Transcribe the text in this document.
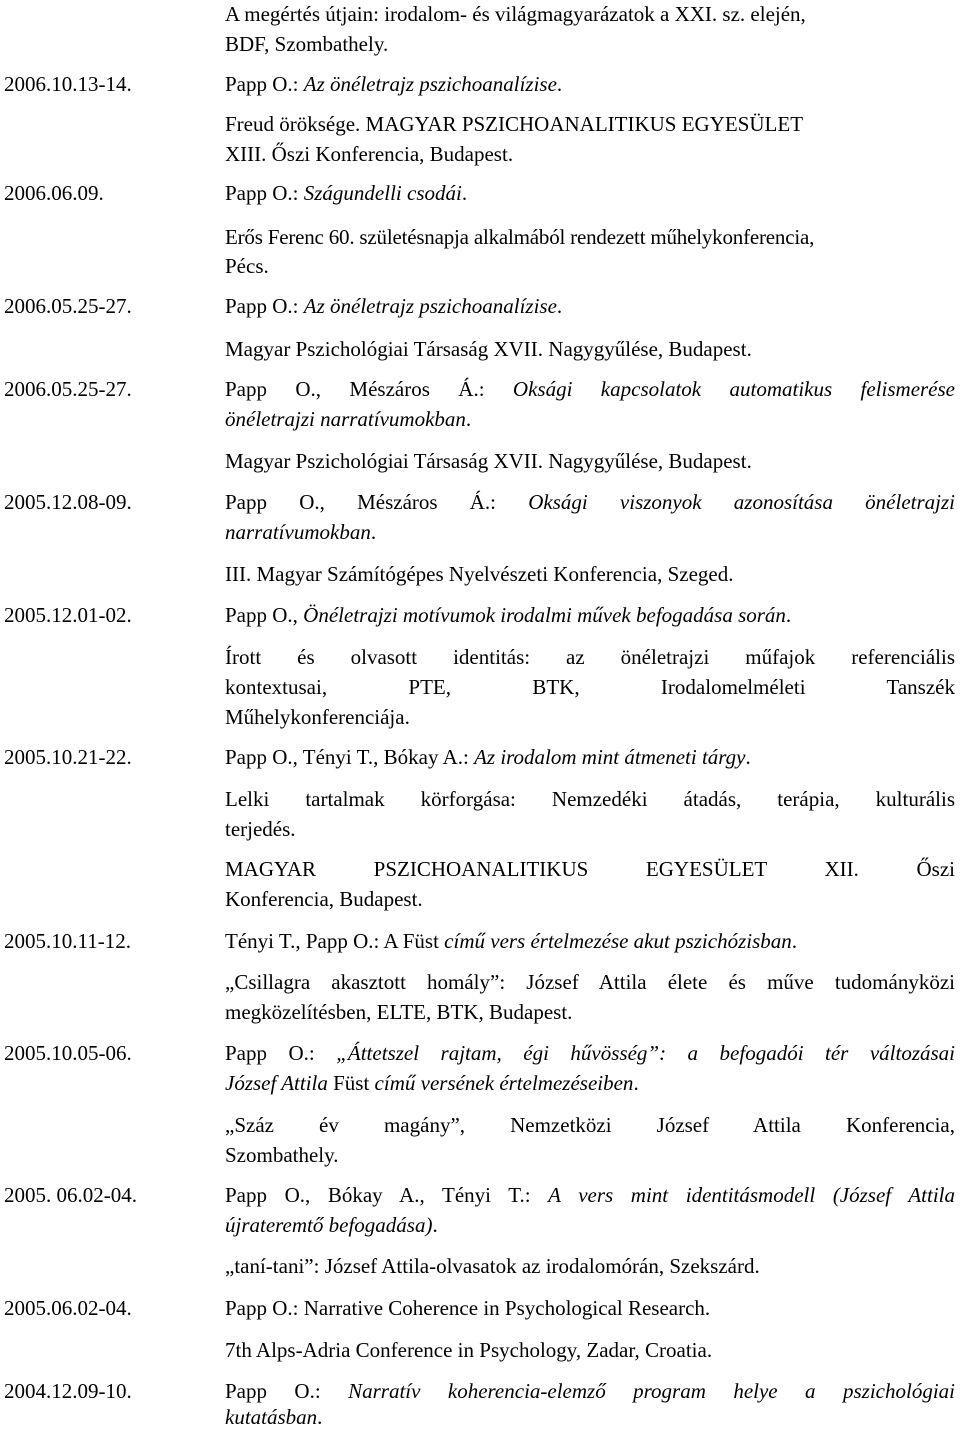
A megértés útjain: irodalom- és világmagyarázatok a XXI. sz. elején,
BDF, Szombathely.
2006.10.13-14.	Papp O.: Az önéletrajz pszichoanalízise.
Freud öröksége. MAGYAR PSZICHOANALITIKUS EGYESÜLET
XIII. Őszi Konferencia, Budapest.
2006.06.09.	Papp O.: Szágundelli csodái.
Erős Ferenc 60. születésnapja alkalmából rendezett műhelykonferencia,
Pécs.
2006.05.25-27.	Papp O.: Az önéletrajz pszichoanalízise.
Magyar Pszichológiai Társaság XVII. Nagygyűlése, Budapest.
2006.05.25-27.	Papp O., Mészáros Á.: Oksági kapcsolatok automatikus felismerése
önéletrajzi narratívumokban.
Magyar Pszichológiai Társaság XVII. Nagygyűlése, Budapest.
2005.12.08-09.	Papp O., Mészáros Á.: Oksági viszonyok azonosítása önéletrajzi
narratívumokban.
III. Magyar Számítógépes Nyelvészeti Konferencia, Szeged.
2005.12.01-02.	Papp O., Önéletrajzi motívumok irodalmi művek befogadása során.
Írott és olvasott identitás: az önéletrajzi műfajok referenciális
kontextusai, PTE, BTK, Irodalomelméleti Tanszék
Műhelykonferenciája.
2005.10.21-22.	Papp O., Tényi T., Bókay A.: Az irodalom mint átmeneti tárgy.
Lelki tartalmak körforgása: Nemzedéki átadás, terápia, kulturális
terjedés.
MAGYAR PSZICHOANALITIKUS EGYESÜLET XII. Őszi
Konferencia, Budapest.
2005.10.11-12.	Tényi T., Papp O.: A Füst című vers értelmezése akut pszichózisban.
„Csillagra akasztott homály”: József Attila élete és műve tudományközi
megközelítésben, ELTE, BTK, Budapest.
2005.10.05-06.	Papp O.: „Áttetszel rajtam, égi hűvösség”: a befogadói tér változásai
József Attila Füst című versének értelmezéseiben.
„Száz év magány”, Nemzetközi József Attila Konferencia,
Szombathely.
2005. 06.02-04.	Papp O., Bókay A., Tényi T.: A vers mint identitásmodell (József Attila
újrateremtő befogadása).
„taní-tani”: József Attila-olvasatok az irodalomórán, Szekszárd.
2005.06.02-04.	Papp O.: Narrative Coherence in Psychological Research.
7th Alps-Adria Conference in Psychology, Zadar, Croatia.
2004.12.09-10.	Papp O.: Narratív koherencia-elemző program helye a pszichológiai
kutatásban.
